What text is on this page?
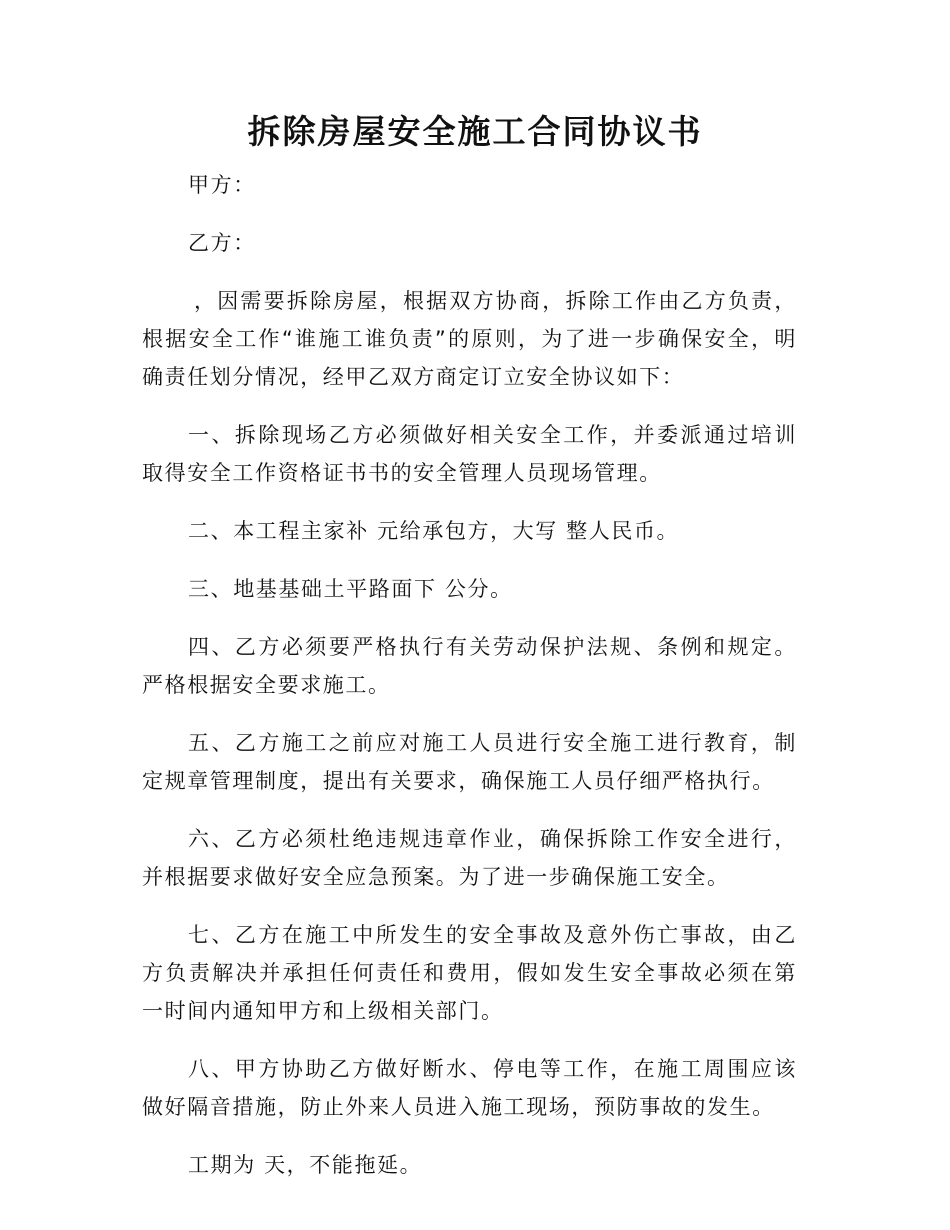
拆除房屋安全施工合同协议书

甲方：

乙方：

，因需要拆除房屋，根据双方协商，拆除工作由乙方负责，根据安全工作“谁施工谁负责”的原则，为了进一步确保安全，明确责任划分情况，经甲乙双方商定订立安全协议如下：

一、拆除现场乙方必须做好相关安全工作，并委派通过培训取得安全工作资格证书书的安全管理人员现场管理。

二、本工程主家补 元给承包方，大写 整人民币。

三、地基基础土平路面下 公分。

四、乙方必须要严格执行有关劳动保护法规、条例和规定。严格根据安全要求施工。

五、乙方施工之前应对施工人员进行安全施工进行教育，制定规章管理制度，提出有关要求，确保施工人员仔细严格执行。

六、乙方必须杜绝违规违章作业，确保拆除工作安全进行，并根据要求做好安全应急预案。为了进一步确保施工安全。

七、乙方在施工中所发生的安全事故及意外伤亡事故，由乙方负责解决并承担任何责任和费用，假如发生安全事故必须在第一时间内通知甲方和上级相关部门。

八、甲方协助乙方做好断水、停电等工作，在施工周围应该做好隔音措施，防止外来人员进入施工现场，预防事故的发生。

工期为 天，不能拖延。
